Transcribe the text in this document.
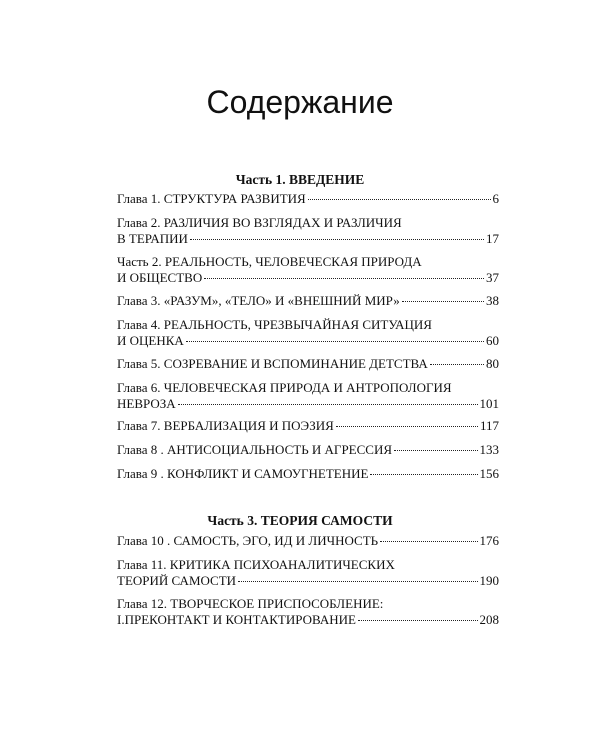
Содержание
Часть 1. ВВЕДЕНИЕ
Глава 1. СТРУКТУРА РАЗВИТИЯ	6
Глава 2. РАЗЛИЧИЯ ВО ВЗГЛЯДАХ И РАЗЛИЧИЯ
В ТЕРАПИИ	17
Часть 2. РЕАЛЬНОСТЬ, ЧЕЛОВЕЧЕСКАЯ ПРИРОДА
И ОБЩЕСТВО	37
Глава 3. «РАЗУМ», «ТЕЛО» И «ВНЕШНИЙ МИР»	38
Глава 4. РЕАЛЬНОСТЬ, ЧРЕЗВЫЧАЙНАЯ СИТУАЦИЯ
И ОЦЕНКА	60
Глава 5. СОЗРЕВАНИЕ И ВСПОМИНАНИЕ ДЕТСТВА	80
Глава 6. ЧЕЛОВЕЧЕСКАЯ ПРИРОДА И АНТРОПОЛОГИЯ
НЕВРОЗА	101
Глава 7. ВЕРБАЛИЗАЦИЯ И ПОЭЗИЯ	117
Глава 8 . АНТИСОЦИАЛЬНОСТЬ И АГРЕССИЯ	133
Глава 9 . КОНФЛИКТ И САМОУГНЕТЕНИЕ	156
Часть 3. ТЕОРИЯ САМОСТИ
Глава 10 . САМОСТЬ, ЭГО, ИД И ЛИЧНОСТЬ	176
Глава 11. КРИТИКА ПСИХОАНАЛИТИЧЕСКИХ
ТЕОРИЙ САМОСТИ	190
Глава 12. ТВОРЧЕСКОЕ ПРИСПОСОБЛЕНИЕ:
I.ПРЕКОНТАКТ И КОНТАКТИРОВАНИЕ	208
